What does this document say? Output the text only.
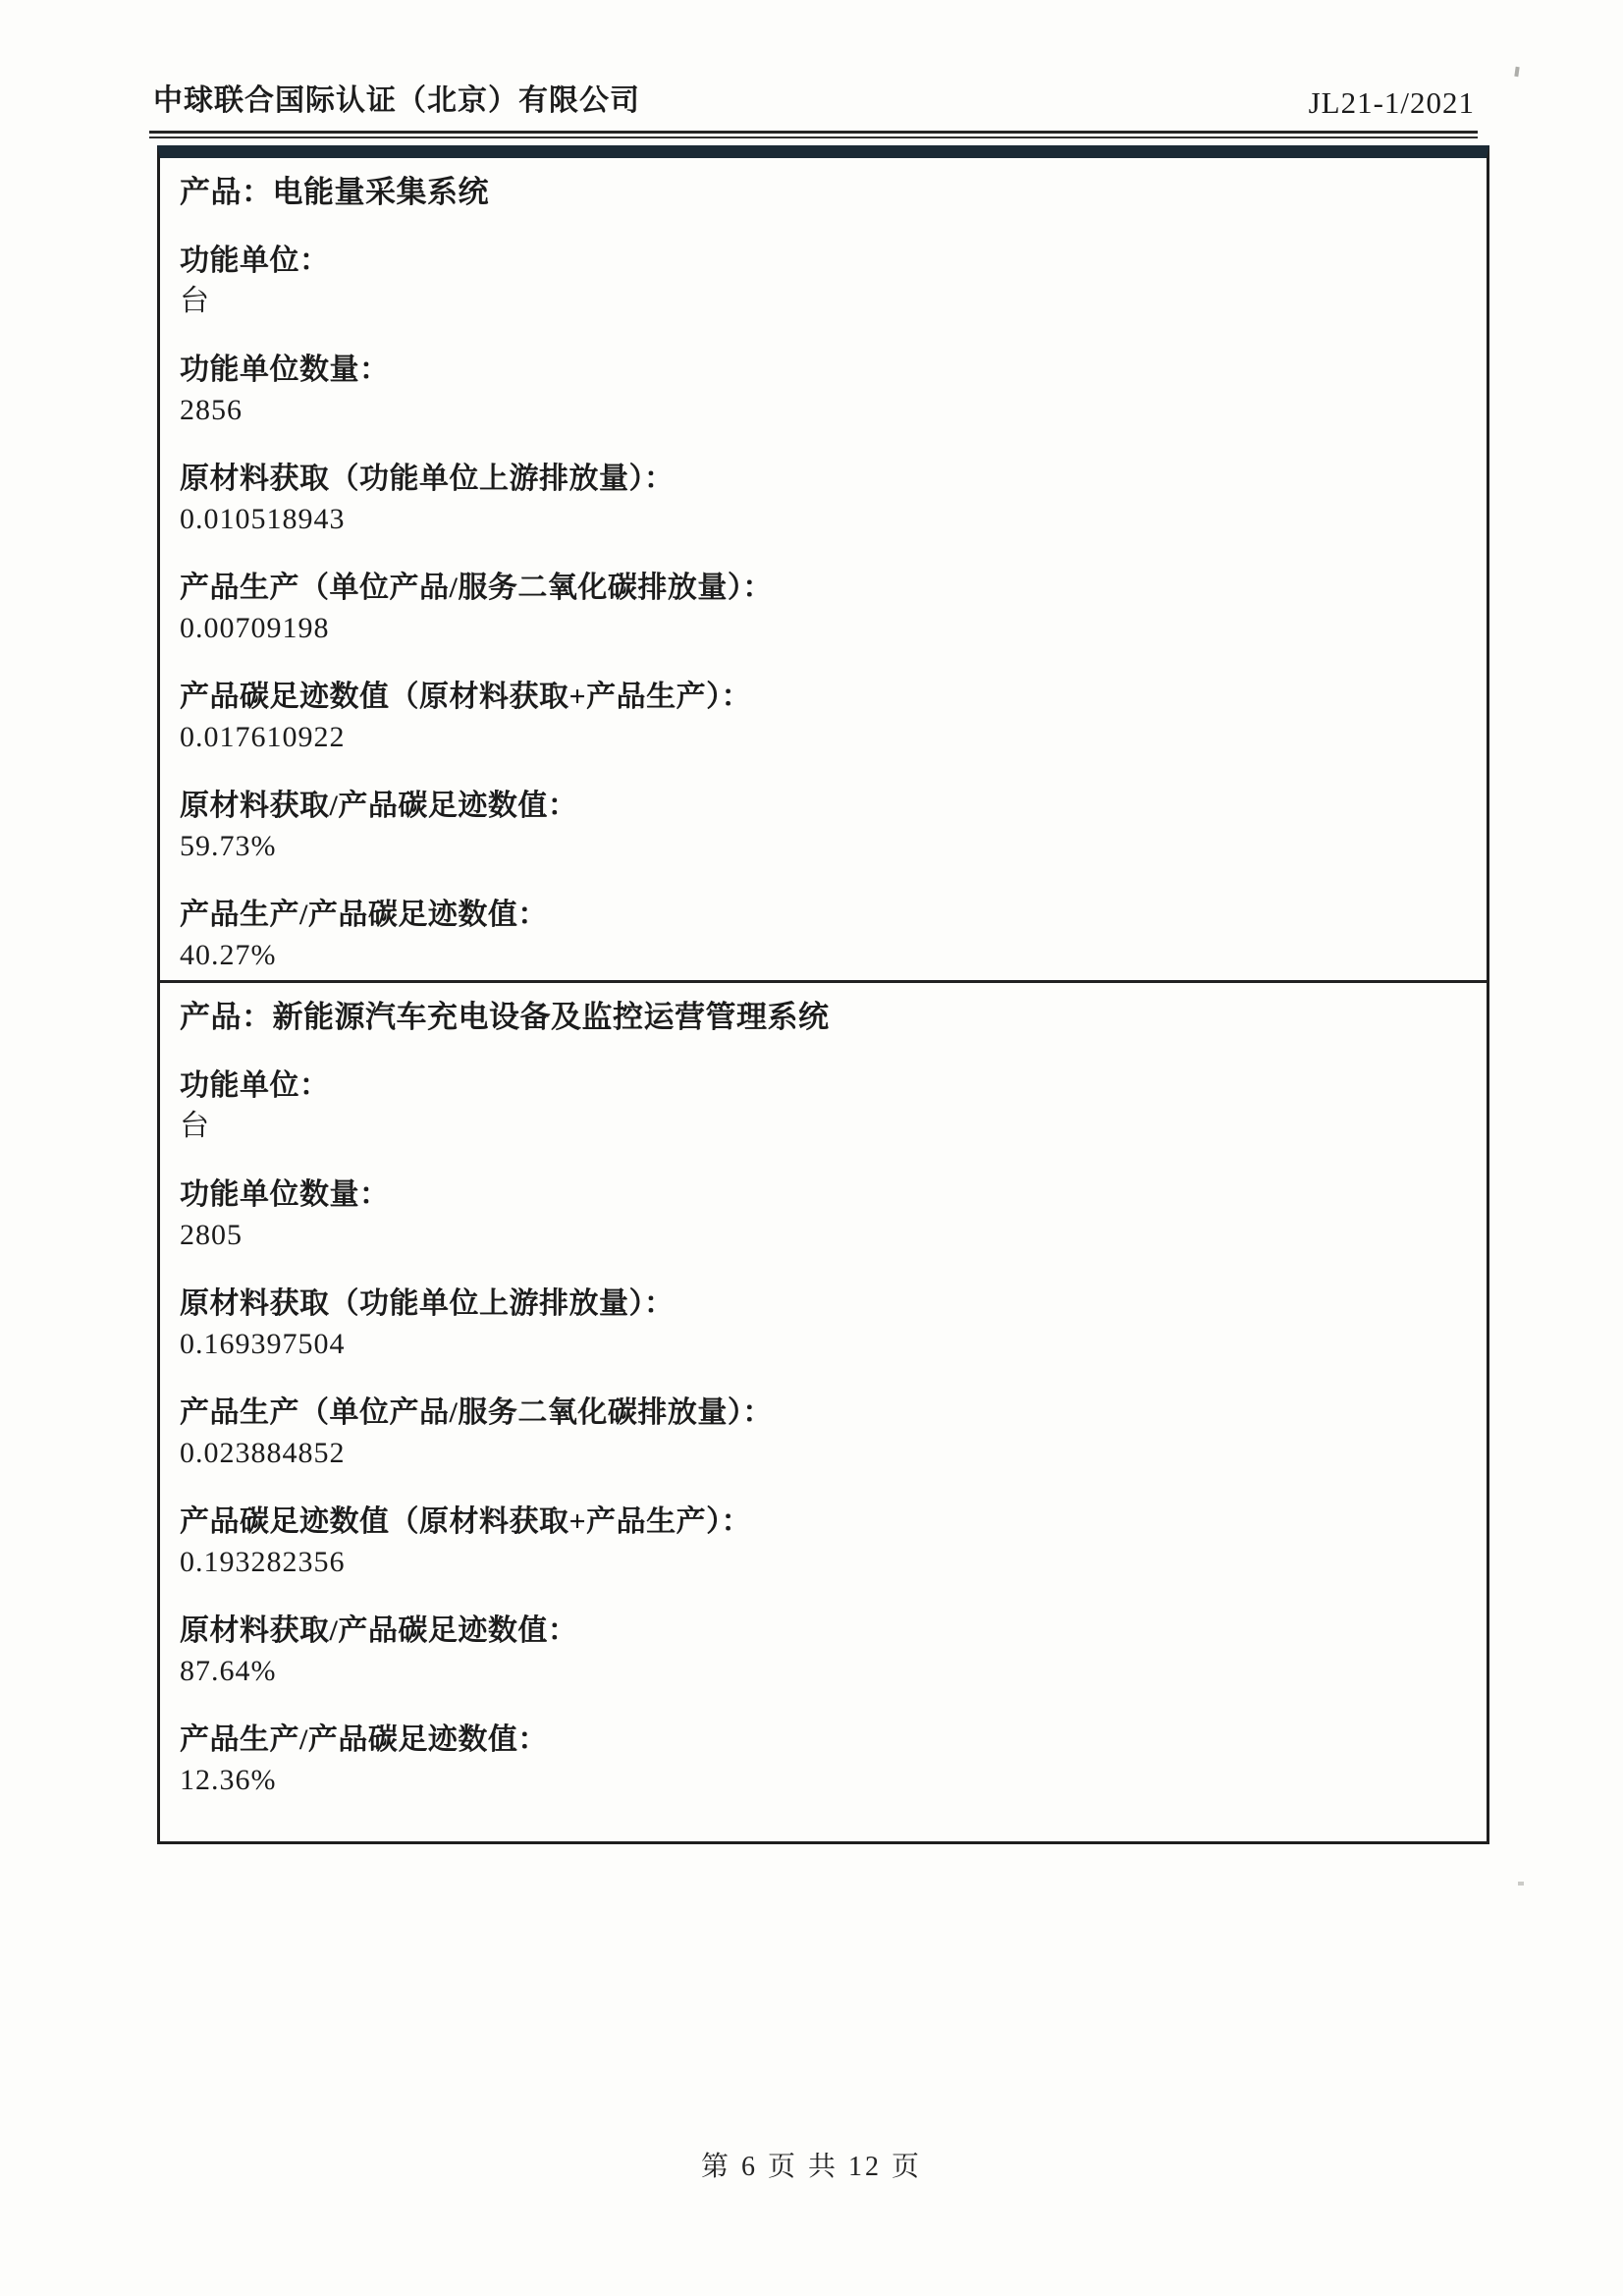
中球联合国际认证（北京）有限公司	JL21-1/2021
产品：电能量采集系统
功能单位：
台
功能单位数量：
2856
原材料获取（功能单位上游排放量）：
0.010518943
产品生产（单位产品/服务二氧化碳排放量）：
0.00709198
产品碳足迹数值（原材料获取+产品生产）：
0.017610922
原材料获取/产品碳足迹数值：
59.73%
产品生产/产品碳足迹数值：
40.27%
产品：新能源汽车充电设备及监控运营管理系统
功能单位：
台
功能单位数量：
2805
原材料获取（功能单位上游排放量）：
0.169397504
产品生产（单位产品/服务二氧化碳排放量）：
0.023884852
产品碳足迹数值（原材料获取+产品生产）：
0.193282356
原材料获取/产品碳足迹数值：
87.64%
产品生产/产品碳足迹数值：
12.36%
第 6 页 共 12 页
